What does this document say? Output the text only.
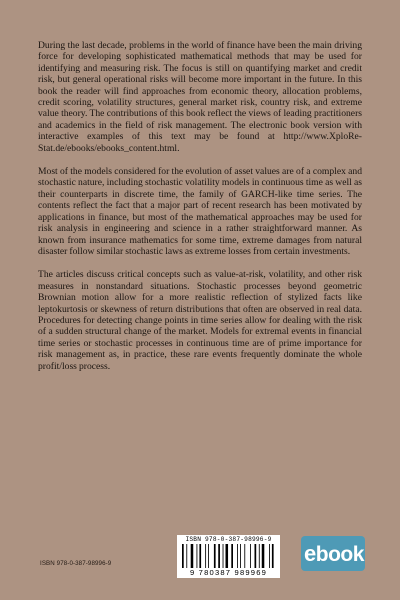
During the last decade, problems in the world of finance have been the main driving force for developing sophisticated mathematical methods that may be used for identifying and measuring risk. The focus is still on quantifying market and credit risk, but general operational risks will become more important in the future. In this book the reader will find approaches from economic theory, allocation problems, credit scoring, volatility structures, general market risk, country risk, and extreme value theory. The contributions of this book reflect the views of leading practitioners and academics in the field of risk management. The electronic book version with interactive examples of this text may be found at http://www.XploRe-Stat.de/ebooks/ebooks_content.html.

Most of the models considered for the evolution of asset values are of a complex and stochastic nature, including stochastic volatility models in continuous time as well as their counterparts in discrete time, the family of GARCH-like time series. The contents reflect the fact that a major part of recent research has been motivated by applications in finance, but most of the mathematical approaches may be used for risk analysis in engineering and science in a rather straightforward manner. As known from insurance mathematics for some time, extreme damages from natural disaster follow similar stochastic laws as extreme losses from certain investments.

The articles discuss critical concepts such as value-at-risk, volatility, and other risk measures in nonstandard situations. Stochastic processes beyond geometric Brownian motion allow for a more realistic reflection of stylized facts like leptokurtosis or skewness of return distributions that often are observed in real data. Procedures for detecting change points in time series allow for dealing with the risk of a sudden structural change of the market. Models for extremal events in financial time series or stochastic processes in continuous time are of prime importance for risk management as, in practice, these rare events frequently dominate the whole profit/loss process.

ISBN 978-0-387-98996-9
ISBN 978-0-387-98996-9
9 780387 989969
ebook
